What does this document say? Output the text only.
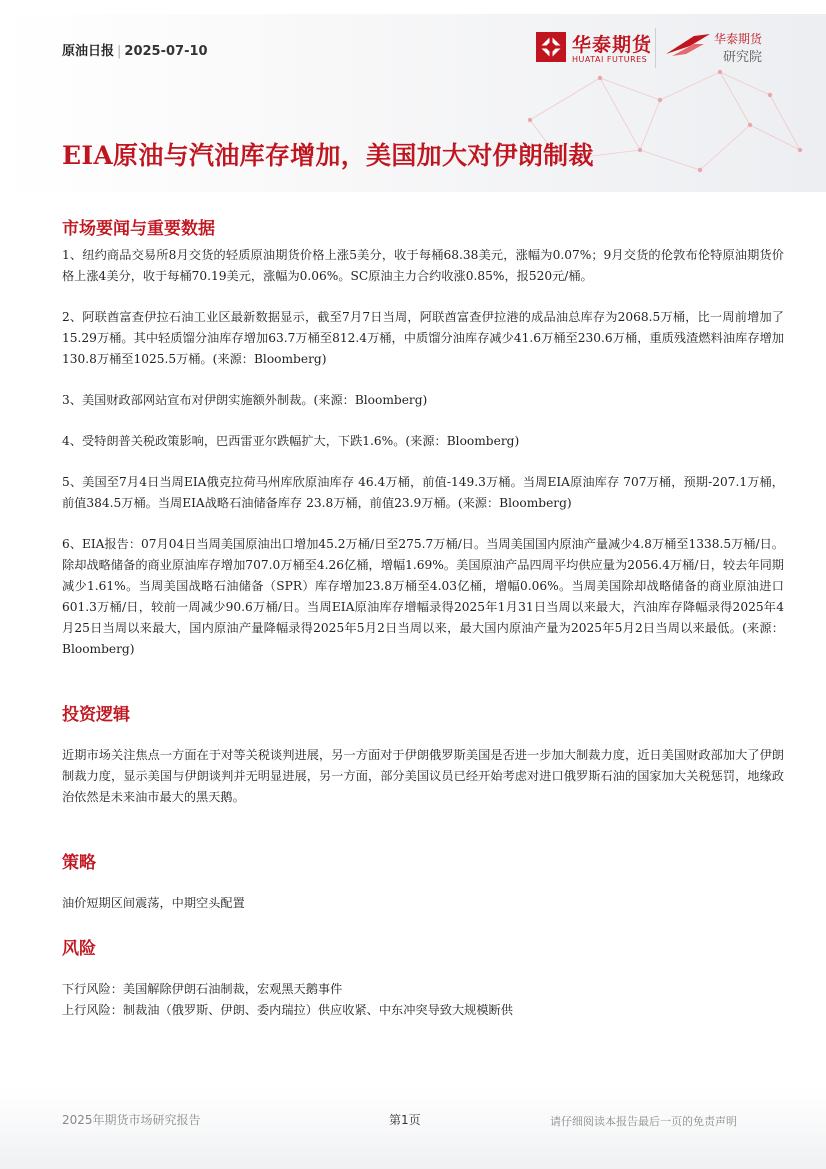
原油日报 | 2025-07-10	华泰期货
HUATAI FUTURES
华泰期货
研究院
EIA原油与汽油库存增加，美国加大对伊朗制裁
市场要闻与重要数据

1、纽约商品交易所8月交货的轻质原油期货价格上涨5美分，收于每桶68.38美元，涨幅为0.07%；9月交货的伦敦布伦特原油期货价格上涨4美分，收于每桶70.19美元，涨幅为0.06%。SC原油主力合约收涨0.85%，报520元/桶。

2、阿联酋富查伊拉石油工业区最新数据显示，截至7月7日当周，阿联酋富查伊拉港的成品油总库存为2068.5万桶，比一周前增加了15.29万桶。其中轻质馏分油库存增加63.7万桶至812.4万桶，中质馏分油库存减少41.6万桶至230.6万桶，重质残渣燃料油库存增加130.8万桶至1025.5万桶。(来源：Bloomberg)

3、美国财政部网站宣布对伊朗实施额外制裁。(来源：Bloomberg)

4、受特朗普关税政策影响，巴西雷亚尔跌幅扩大，下跌1.6%。(来源：Bloomberg)

5、美国至7月4日当周EIA俄克拉荷马州库欣原油库存 46.4万桶，前值-149.3万桶。当周EIA原油库存 707万桶，预期-207.1万桶，前值384.5万桶。当周EIA战略石油储备库存 23.8万桶，前值23.9万桶。(来源：Bloomberg)

6、EIA报告：07月04日当周美国原油出口增加45.2万桶/日至275.7万桶/日。当周美国国内原油产量减少4.8万桶至1338.5万桶/日。除却战略储备的商业原油库存增加707.0万桶至4.26亿桶，增幅1.69%。美国原油产品四周平均供应量为2056.4万桶/日，较去年同期减少1.61%。当周美国战略石油储备（SPR）库存增加23.8万桶至4.03亿桶，增幅0.06%。当周美国除却战略储备的商业原油进口601.3万桶/日，较前一周减少90.6万桶/日。当周EIA原油库存增幅录得2025年1月31日当周以来最大，汽油库存降幅录得2025年4月25日当周以来最大，国内原油产量降幅录得2025年5月2日当周以来，最大国内原油产量为2025年5月2日当周以来最低。(来源：Bloomberg)

投资逻辑

近期市场关注焦点一方面在于对等关税谈判进展，另一方面对于伊朗俄罗斯美国是否进一步加大制裁力度，近日美国财政部加大了伊朗制裁力度，显示美国与伊朗谈判并无明显进展，另一方面，部分美国议员已经开始考虑对进口俄罗斯石油的国家加大关税惩罚，地缘政治依然是未来油市最大的黑天鹅。

策略

油价短期区间震荡，中期空头配置

风险

下行风险：美国解除伊朗石油制裁，宏观黑天鹅事件

上行风险：制裁油（俄罗斯、伊朗、委内瑞拉）供应收紧、中东冲突导致大规模断供

2025年期货市场研究报告	第1页	请仔细阅读本报告最后一页的免责声明
